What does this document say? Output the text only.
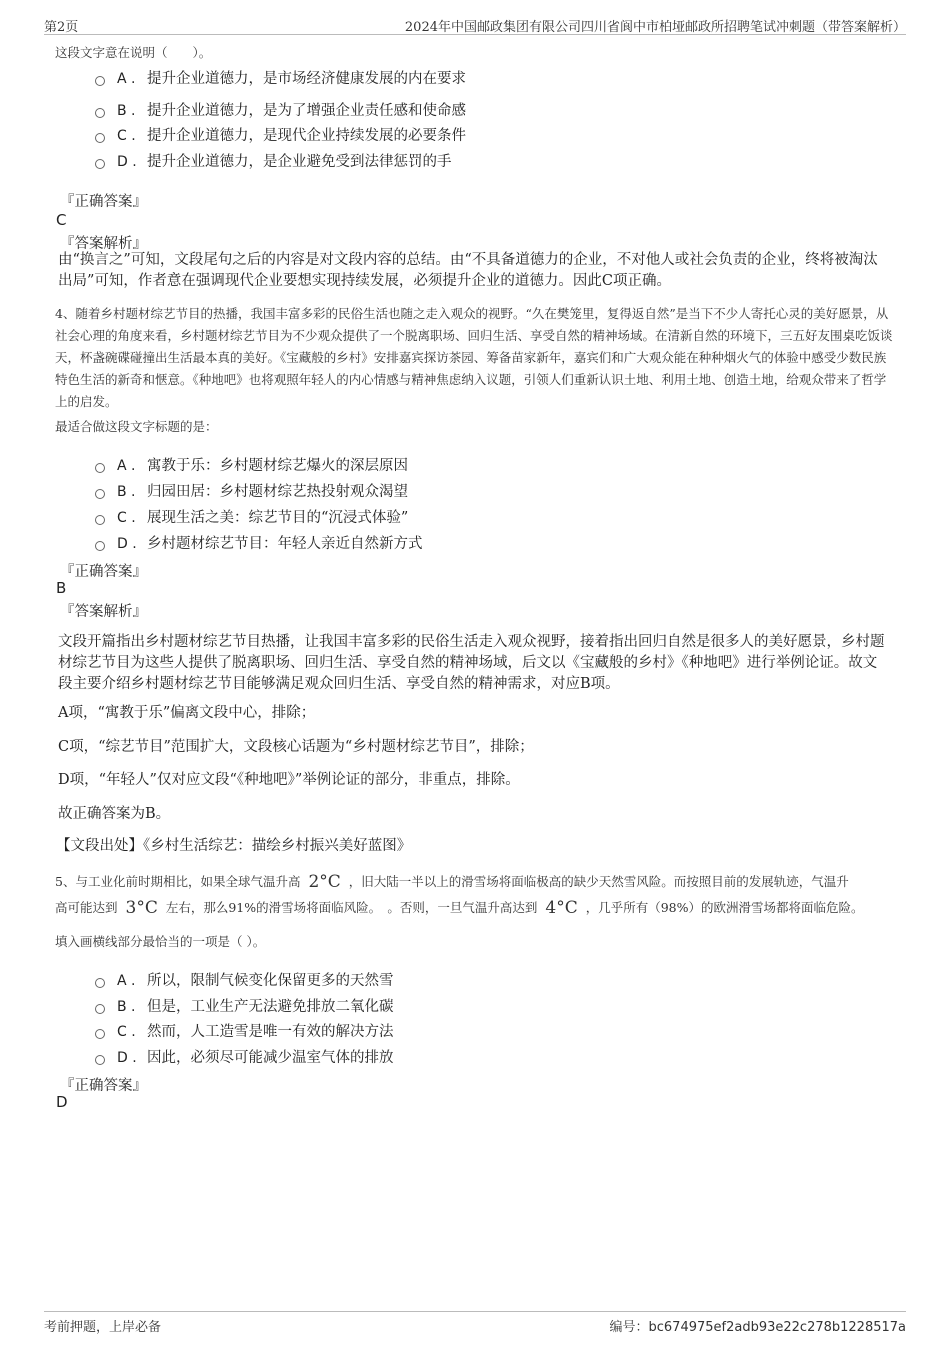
第2页	2024年中国邮政集团有限公司四川省阆中市柏垭邮政所招聘笔试冲刺题（带答案解析）
这段文字意在说明（　　）。
A . 提升企业道德力，是市场经济健康发展的内在要求
B . 提升企业道德力，是为了增强企业责任感和使命感
C . 提升企业道德力，是现代企业持续发展的必要条件
D . 提升企业道德力，是企业避免受到法律惩罚的手
『正确答案』
C
『答案解析』
由“换言之”可知，文段尾句之后的内容是对文段内容的总结。由“不具备道德力的企业，不对他人或社会负责的企业，终将被淘汰出局”可知，作者意在强调现代企业要想实现持续发展，必须提升企业的道德力。因此C项正确。
4、随着乡村题材综艺节目的热播，我国丰富多彩的民俗生活也随之走入观众的视野。“久在樊笼里，复得返自然”是当下不少人寄托心灵的美好愿景，从社会心理的角度来看，乡村题材综艺节目为不少观众提供了一个脱离职场、回归生活、享受自然的精神场域。在清新自然的环境下，三五好友围桌吃饭谈天，杯盏碗碟碰撞出生活最本真的美好。《宝藏般的乡村》安排嘉宾探访茶园、筹备苗家新年，嘉宾们和广大观众能在种种烟火气的体验中感受少数民族特色生活的新奇和惬意。《种地吧》也将观照年轻人的内心情感与精神焦虑纳入议题，引领人们重新认识土地、利用土地、创造土地，给观众带来了哲学上的启发。
最适合做这段文字标题的是：
A . 寓教于乐：乡村题材综艺爆火的深层原因
B . 归园田居：乡村题材综艺热投射观众渴望
C . 展现生活之美：综艺节目的“沉浸式体验”
D . 乡村题材综艺节目：年轻人亲近自然新方式
『正确答案』
B
『答案解析』
文段开篇指出乡村题材综艺节目热播，让我国丰富多彩的民俗生活走入观众视野，接着指出回归自然是很多人的美好愿景，乡村题材综艺节目为这些人提供了脱离职场、回归生活、享受自然的精神场域，后文以《宝藏般的乡村》《种地吧》进行举例论证。故文段主要介绍乡村题材综艺节目能够满足观众回归生活、享受自然的精神需求，对应B项。
A项，“寓教于乐”偏离文段中心，排除；
C项，“综艺节目”范围扩大，文段核心话题为“乡村题材综艺节目”，排除；
D项，“年轻人”仅对应文段“《种地吧》”举例论证的部分，非重点，排除。
故正确答案为B。
【文段出处】《乡村生活综艺：描绘乡村振兴美好蓝图》
5、与工业化前时期相比，如果全球气温升高 2°C ，旧大陆一半以上的滑雪场将面临极高的缺少天然雪风险。而按照目前的发展轨迹，气温升
高可能达到 3°C 左右，那么91%的滑雪场将面临风险。　。否则，一旦气温升高达到 4°C ，几乎所有（98%）的欧洲滑雪场都将面临危险。
填入画横线部分最恰当的一项是（ ）。
A . 所以，限制气候变化保留更多的天然雪
B . 但是，工业生产无法避免排放二氧化碳
C . 然而，人工造雪是唯一有效的解决方法
D . 因此，必须尽可能减少温室气体的排放
『正确答案』
D
考前押题，上岸必备	编号：bc674975ef2adb93e22c278b1228517a
